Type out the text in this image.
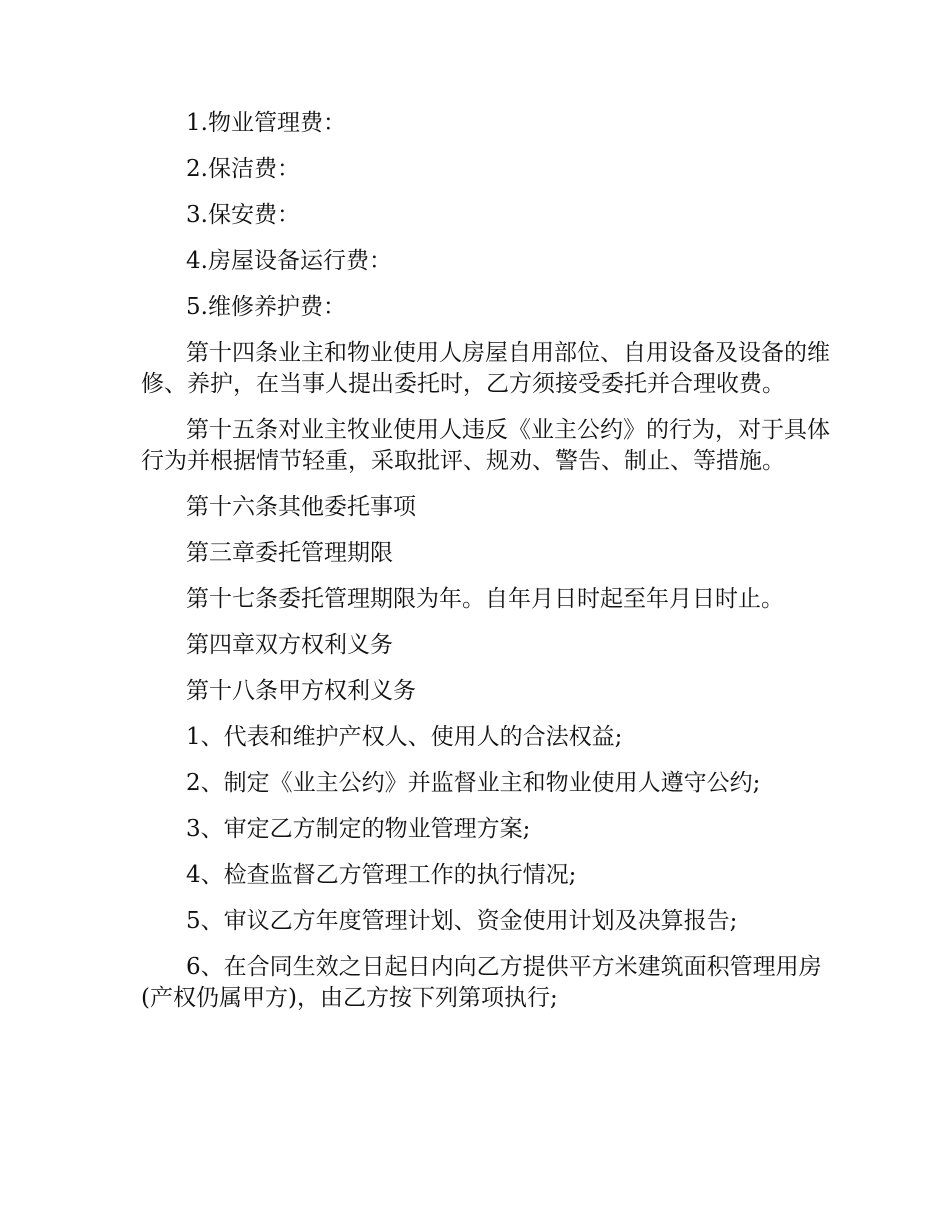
1.物业管理费：

2.保洁费：

3.保安费：

4.房屋设备运行费：

5.维修养护费：

第十四条业主和物业使用人房屋自用部位、自用设备及设备的维修、养护，在当事人提出委托时，乙方须接受委托并合理收费。

第十五条对业主牧业使用人违反《业主公约》的行为，对于具体行为并根据情节轻重，采取批评、规劝、警告、制止、等措施。

第十六条其他委托事项

第三章委托管理期限

第十七条委托管理期限为年。自年月日时起至年月日时止。

第四章双方权利义务

第十八条甲方权利义务

1、代表和维护产权人、使用人的合法权益;

2、制定《业主公约》并监督业主和物业使用人遵守公约;

3、审定乙方制定的物业管理方案;

4、检查监督乙方管理工作的执行情况;

5、审议乙方年度管理计划、资金使用计划及决算报告;

6、在合同生效之日起日内向乙方提供平方米建筑面积管理用房(产权仍属甲方)，由乙方按下列第项执行;
